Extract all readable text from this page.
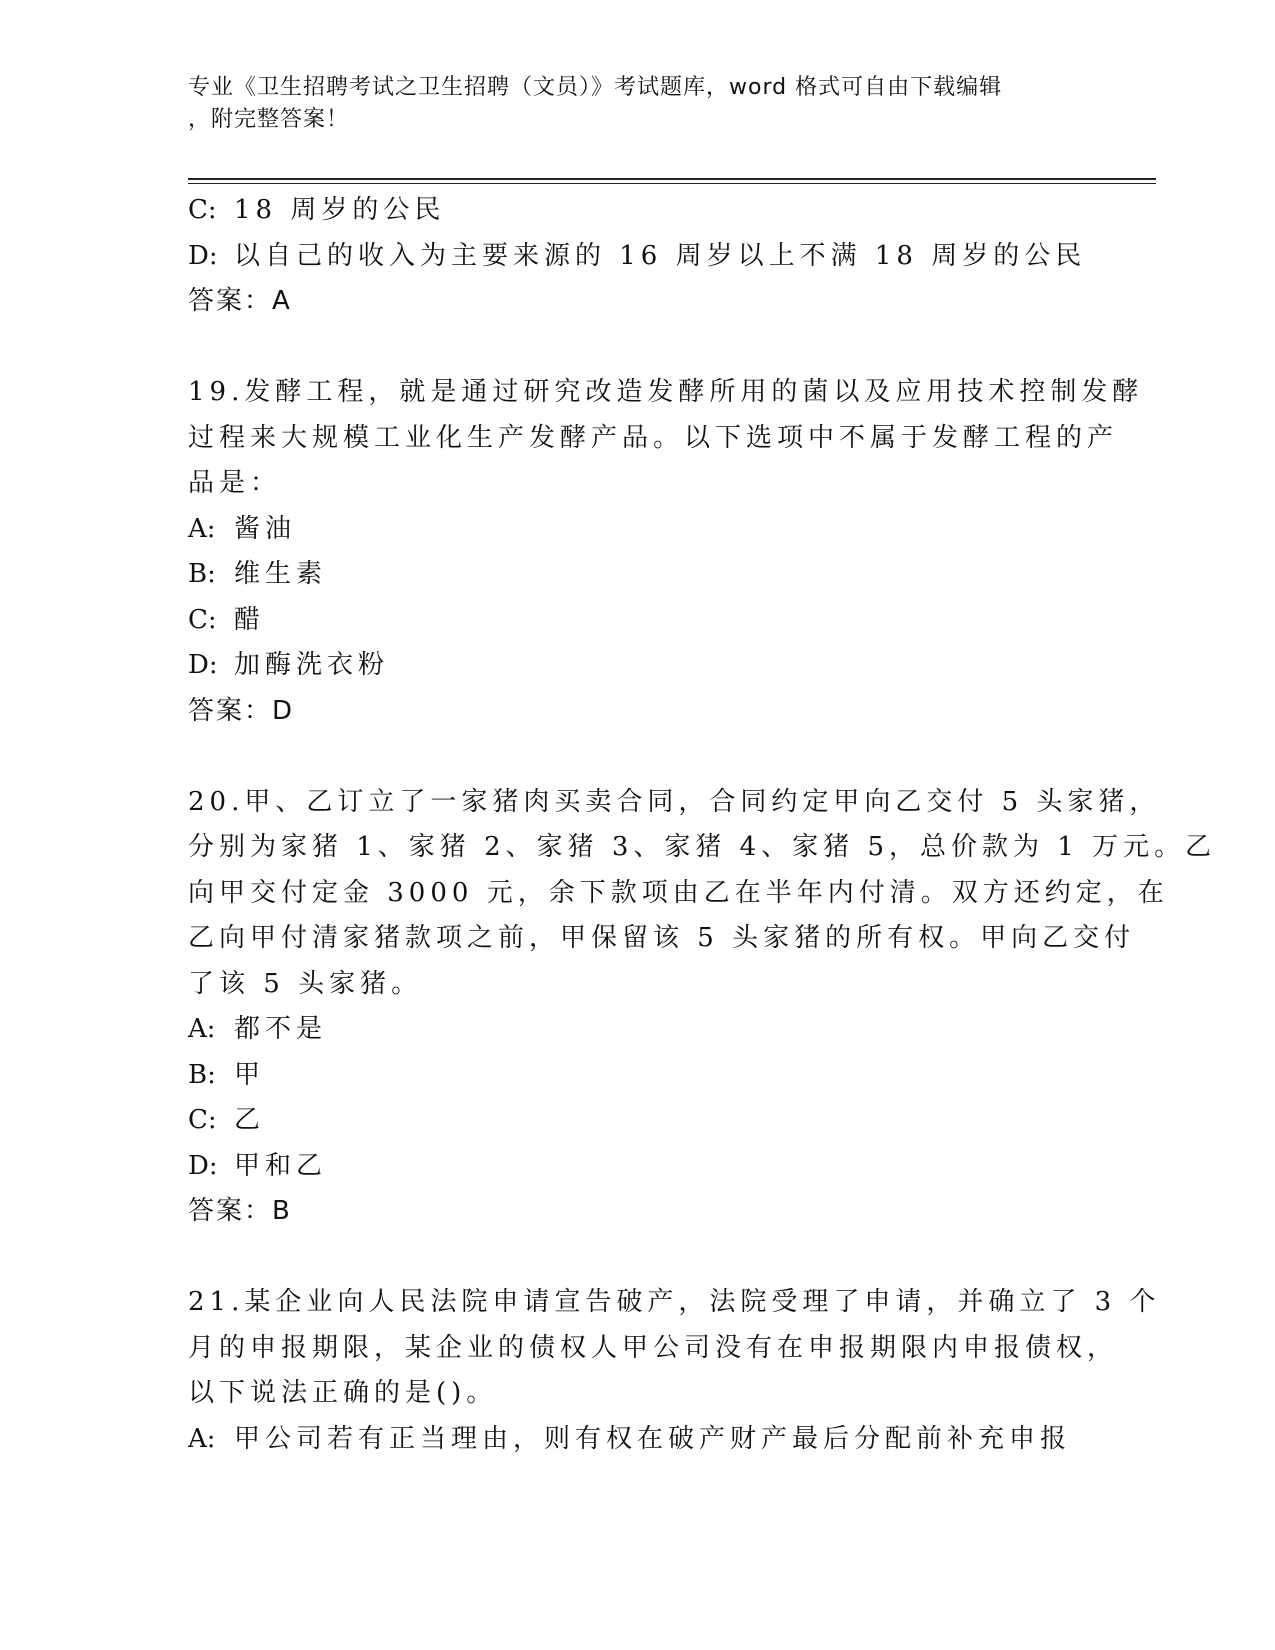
专业《卫生招聘考试之卫生招聘（文员）》考试题库，word 格式可自由下载编辑
，附完整答案！
C: 18 周岁的公民
D: 以自己的收入为主要来源的 16 周岁以上不满 18 周岁的公民
答案：A
19.发酵工程，就是通过研究改造发酵所用的菌以及应用技术控制发酵
过程来大规模工业化生产发酵产品。以下选项中不属于发酵工程的产
品是：
A: 酱油
B: 维生素
C: 醋
D: 加酶洗衣粉
答案：D
20.甲、乙订立了一家猪肉买卖合同，合同约定甲向乙交付 5 头家猪，
分别为家猪 1、家猪 2、家猪 3、家猪 4、家猪 5，总价款为 1 万元。乙
向甲交付定金 3000 元，余下款项由乙在半年内付清。双方还约定，在
乙向甲付清家猪款项之前，甲保留该 5 头家猪的所有权。甲向乙交付
了该 5 头家猪。
A: 都不是
B: 甲
C: 乙
D: 甲和乙
答案：B
21.某企业向人民法院申请宣告破产，法院受理了申请，并确立了 3 个
月的申报期限，某企业的债权人甲公司没有在申报期限内申报债权，
以下说法正确的是()。
A: 甲公司若有正当理由，则有权在破产财产最后分配前补充申报
